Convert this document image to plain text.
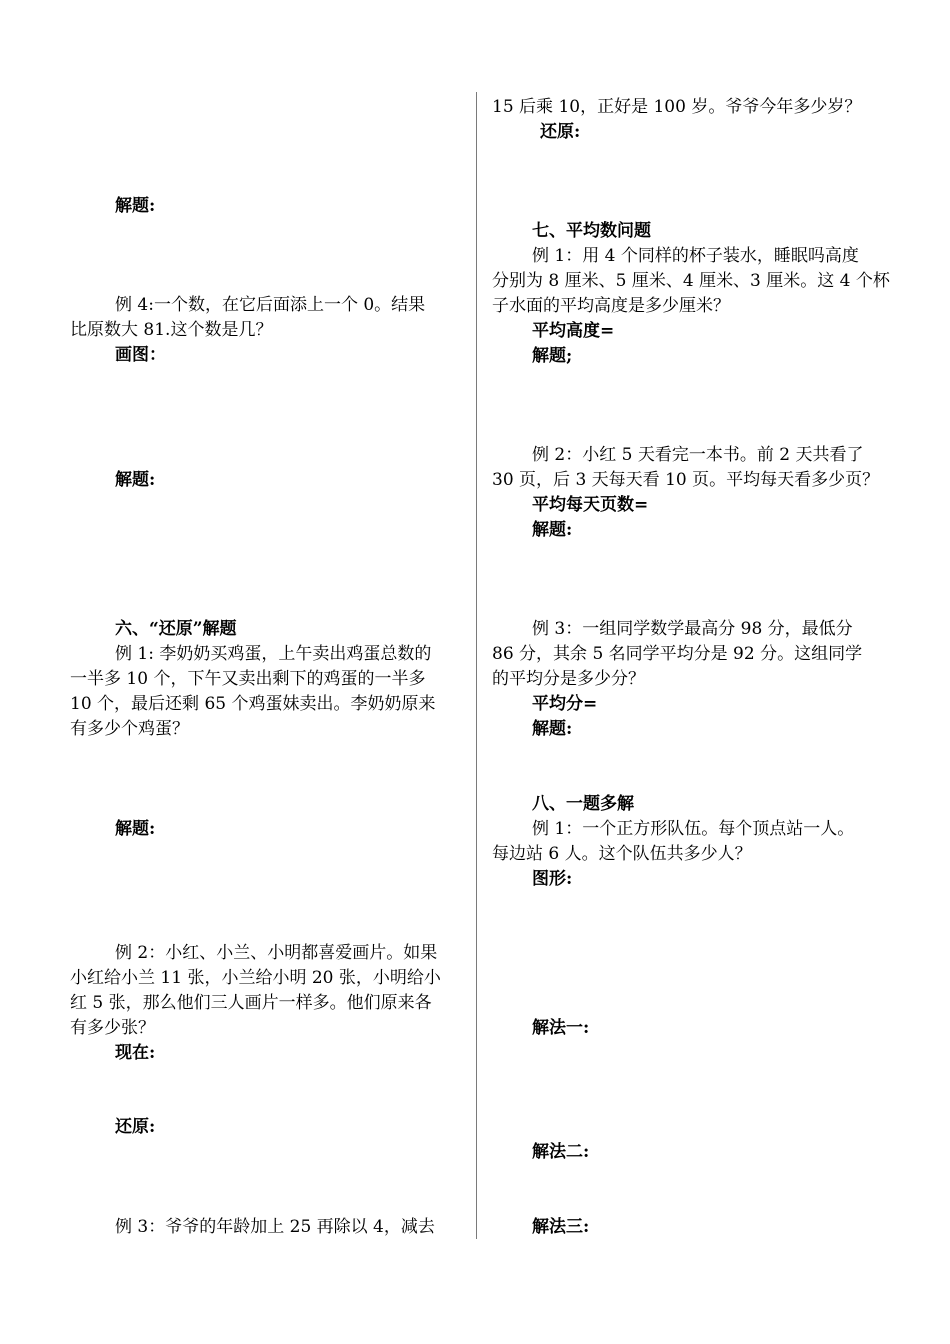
解题:
例 4:一个数，在它后面添上一个 0。结果
比原数大 81.这个数是几？
画图：
解题:
六、“还原”解题
例 1: 李奶奶买鸡蛋，上午卖出鸡蛋总数的
一半多 10 个，下午又卖出剩下的鸡蛋的一半多
10 个，最后还剩 65 个鸡蛋妹卖出。李奶奶原来
有多少个鸡蛋？
解题:
例 2：小红、小兰、小明都喜爱画片。如果
小红给小兰 11 张，小兰给小明 20 张，小明给小
红 5 张，那么他们三人画片一样多。他们原来各
有多少张？
现在:
还原:
例 3：爷爷的年龄加上 25 再除以 4，减去
15 后乘 10，正好是 100 岁。爷爷今年多少岁？
还原:
七、平均数问题
例 1：用 4 个同样的杯子装水，睡眠吗高度
分别为 8 厘米、5 厘米、4 厘米、3 厘米。这 4 个杯
子水面的平均高度是多少厘米？
平均高度=
解题;
例 2：小红 5 天看完一本书。前 2 天共看了
30 页，后 3 天每天看 10 页。平均每天看多少页？
平均每天页数=
解题:
例 3：一组同学数学最高分 98 分，最低分
86 分，其余 5 名同学平均分是 92 分。这组同学
的平均分是多少分？
平均分=
解题:
八、一题多解
例 1：一个正方形队伍。每个顶点站一人。
每边站 6 人。这个队伍共多少人？
图形:
解法一:
解法二:
解法三:
